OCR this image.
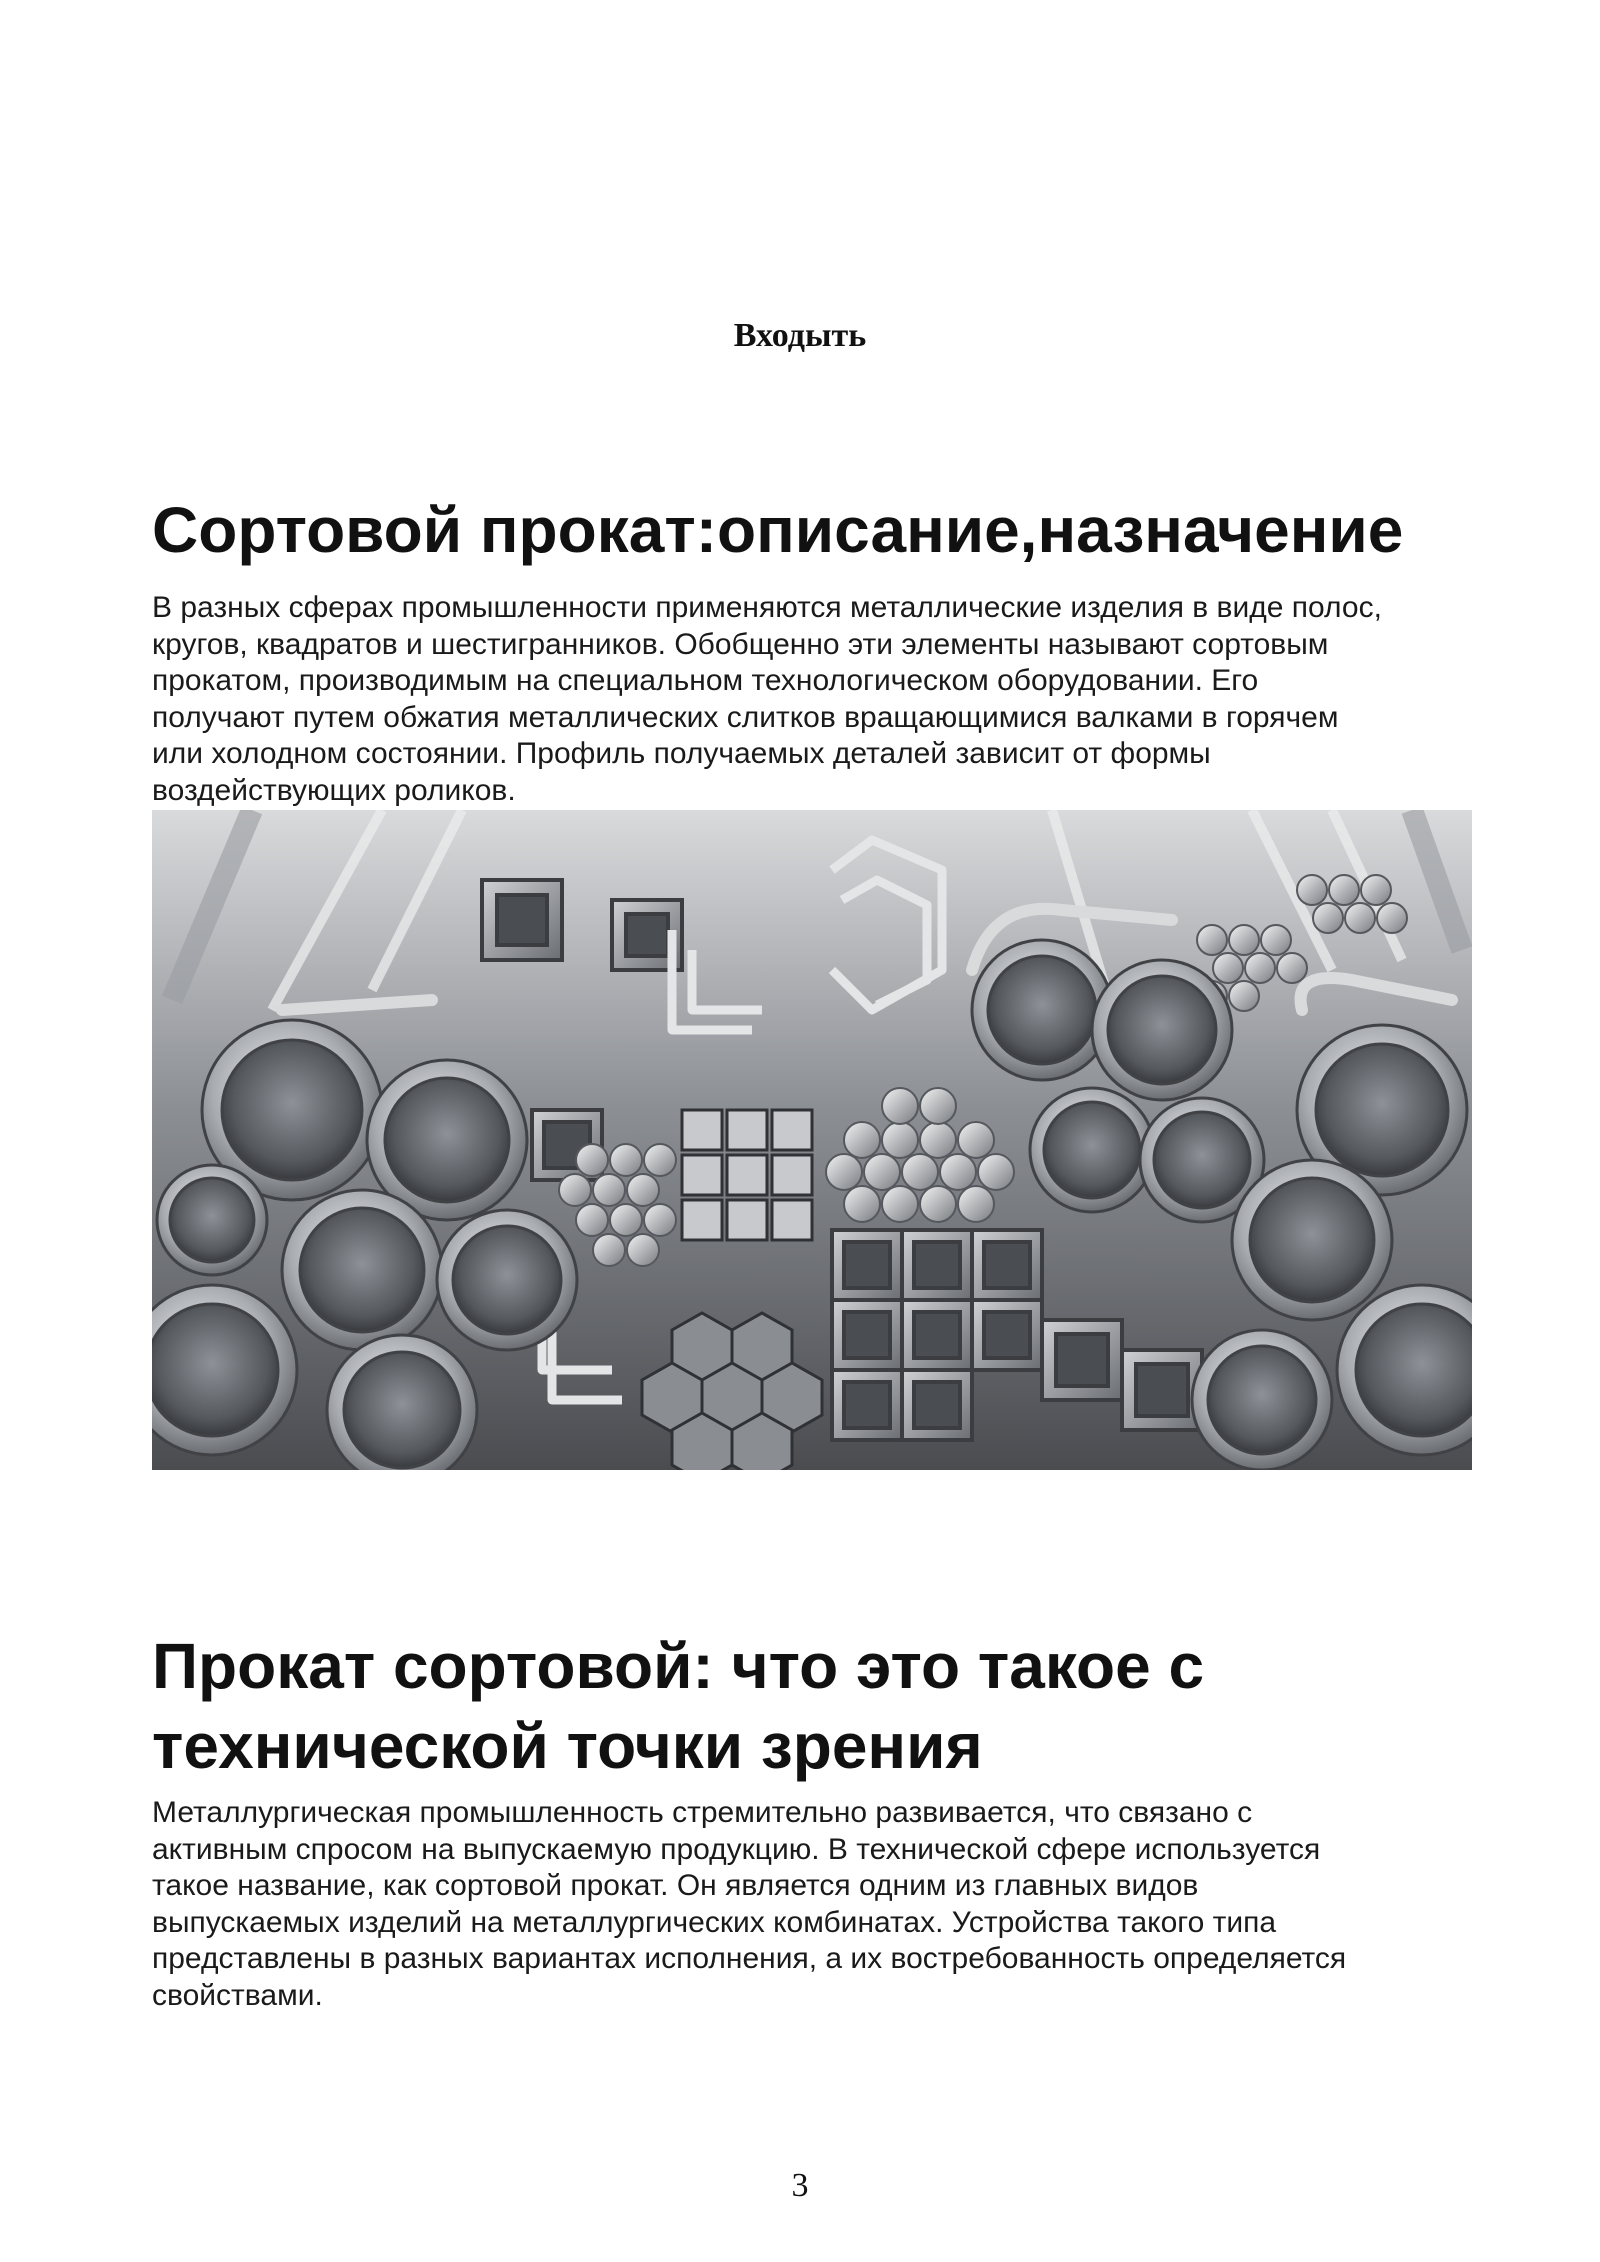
Входыть
Сортовой прокат:описание,назначение
В разных сферах промышленности применяются металлические изделия в виде полос,
кругов, квадратов и шестигранников. Обобщенно эти элементы называют сортовым
прокатом, производимым на специальном технологическом оборудовании. Его
получают путем обжатия металлических слитков вращающимися валками в горячем
или холодном состоянии. Профиль получаемых деталей зависит от формы
воздействующих роликов.
Прокат сортовой: что это такое с
технической точки зрения
Металлургическая промышленность стремительно развивается, что связано с
активным спросом на выпускаемую продукцию. В технической сфере используется
такое название, как сортовой прокат. Он является одним из главных видов
выпускаемых изделий на металлургических комбинатах. Устройства такого типа
представлены в разных вариантах исполнения, а их востребованность определяется
свойствами.
3
